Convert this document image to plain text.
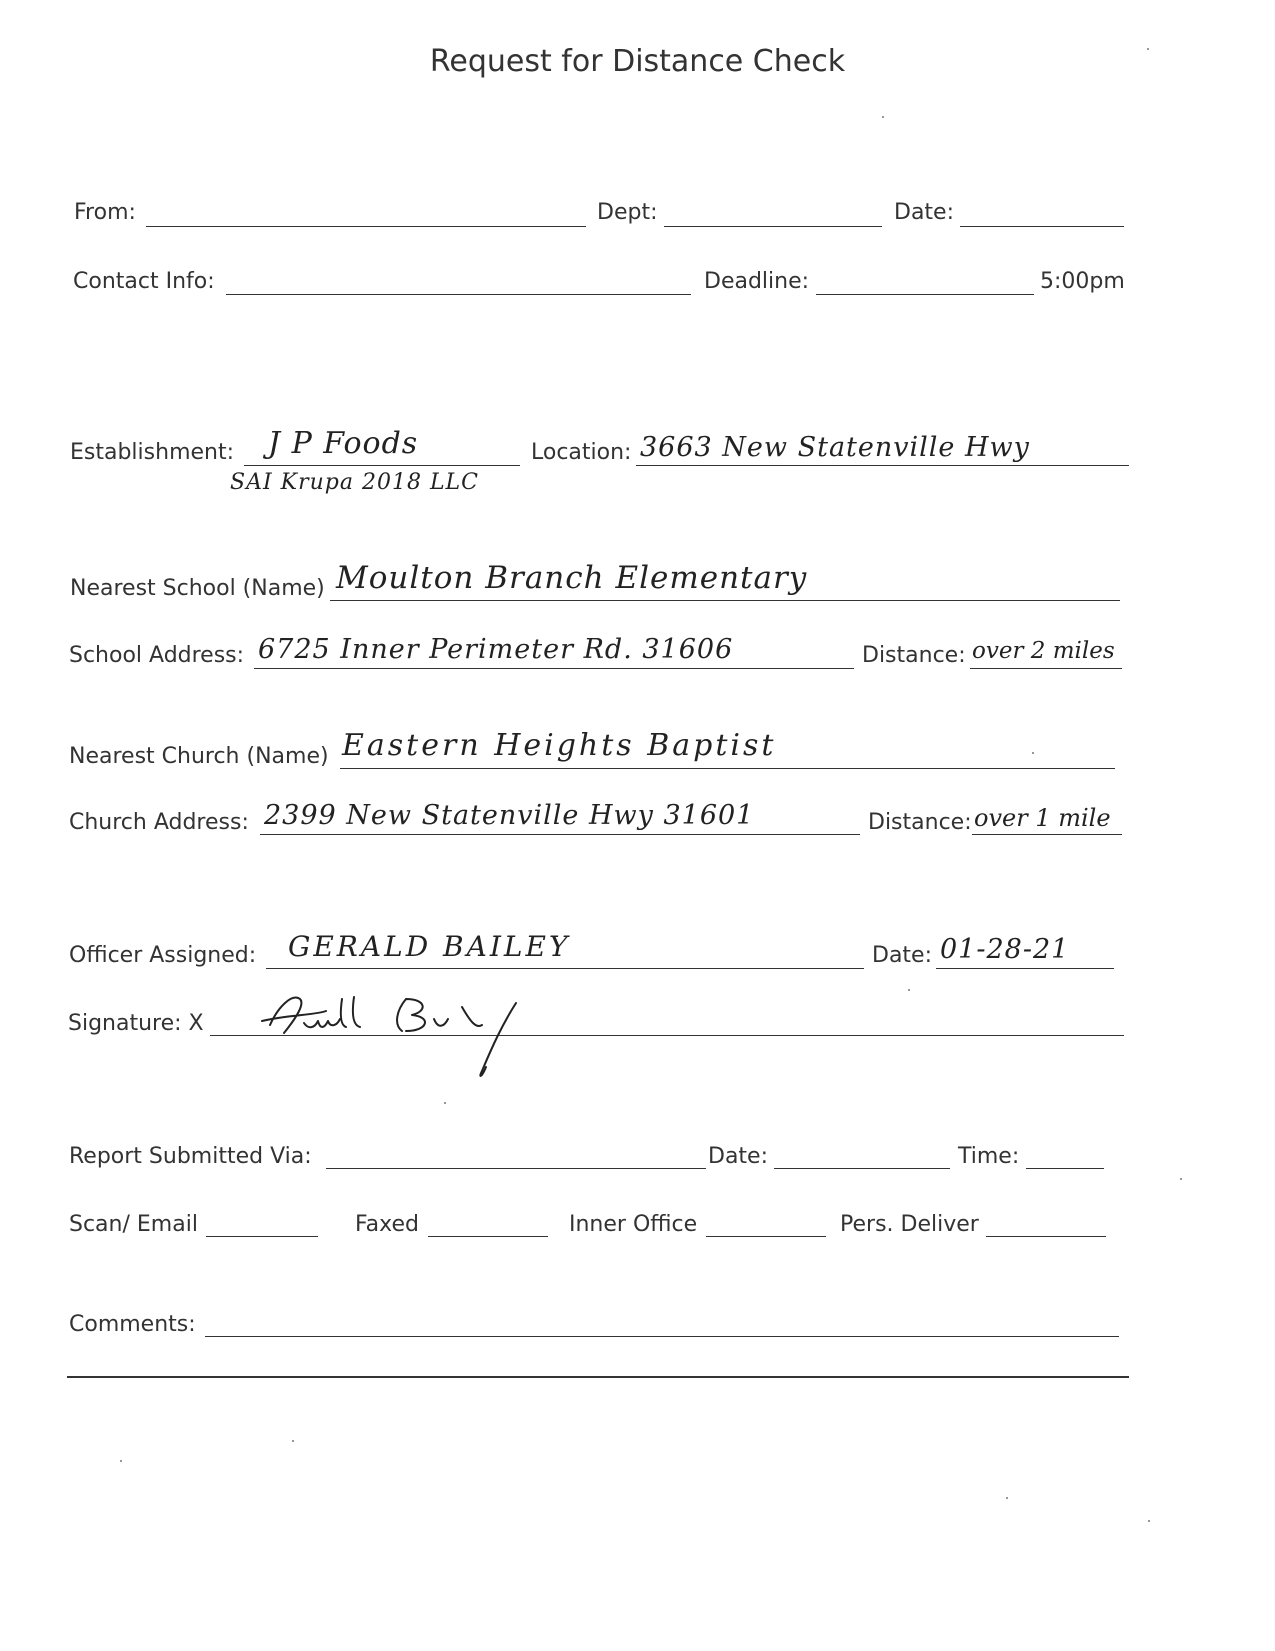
Request for Distance Check
From:	Dept:	Date:
Contact Info:	Deadline:	5:00pm
Establishment: J P Foods
SAI Krupa 2018 LLC
Location: 3663 New Statenville Hwy
Nearest School (Name) Moulton Branch Elementary
School Address: 6725 Inner Perimeter Rd. 31606	Distance: over 2 miles
Nearest Church (Name) Eastern Heights Baptist
Church Address: 2399 New Statenville Hwy 31601	Distance: over 1 mile
Officer Assigned: GERALD BAILEY	Date: 01-28-21
Signature: X
Report Submitted Via:	Date:	Time:
Scan/ Email	Faxed	Inner Office	Pers. Deliver
Comments:
